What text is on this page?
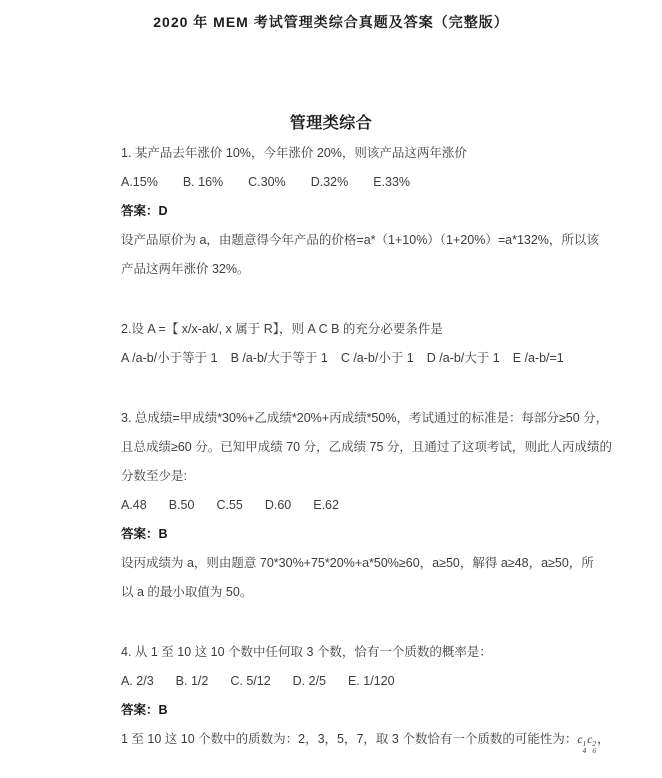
2020 年 MEM 考试管理类综合真题及答案（完整版）
管理类综合

1. 某产品去年涨价 10%，今年涨价 20%，则该产品这两年涨价

A.15% B. 16% C.30% D.32% E.33%

答案：D

设产品原价为 a，由题意得今年产品的价格=a*（1+10%）（1+20%）=a*132%，所以该

产品这两年涨价 32%。

2.设 A =【 x/x-ak/, x 属于 R】，则 A C B 的充分必要条件是

A /a-b/小于等于 1 B /a-b/大于等于 1 C /a-b/小于 1 D /a-b/大于 1 E /a-b/=1

3. 总成绩=甲成绩*30%+乙成绩*20%+丙成绩*50%，考试通过的标准是：每部分≥50 分，

且总成绩≥60 分。已知甲成绩 70 分，乙成绩 75 分，且通过了这项考试，则此人丙成绩的

分数至少是:

A.48 B.50 C.55 D.60 E.62

答案：B

设丙成绩为 a，则由题意 70*30%+75*20%+a*50%≥60，a≥50，解得 a≥48，a≥50，所

以 a 的最小取值为 50。

4. 从 1 至 10 这 10 个数中任何取 3 个数，恰有一个质数的概率是：

A. 2/3 B. 1/2 C. 5/12 D. 2/5 E. 1/120

答案：B

1 至 10 这 10 个数中的质数为：2，3，5，7，取 3 个数恰有一个质数的可能性为：c 1
4
c 2
6
，
